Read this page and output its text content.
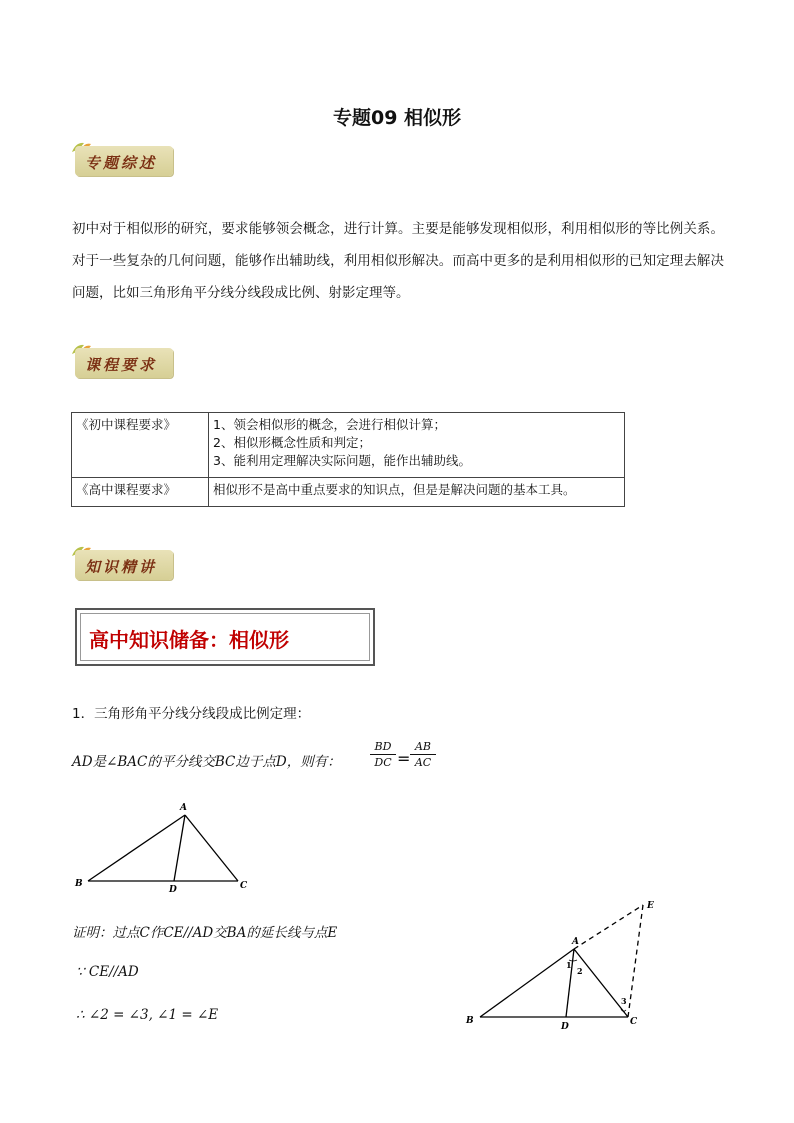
专题09 相似形
专题综述
初中对于相似形的研究，要求能够领会概念，进行计算。主要是能够发现相似形，利用相似形的等比例关系。对于一些复杂的几何问题，能够作出辅助线，利用相似形解决。而高中更多的是利用相似形的已知定理去解决问题，比如三角形角平分线分线段成比例、射影定理等。
课程要求
《初中课程要求》	1、领会相似形的概念，会进行相似计算；
2、相似形概念性质和判定；
3、能利用定理解决实际问题，能作出辅助线。

《高中课程要求》	相似形不是高中重点要求的知识点，但是是解决问题的基本工具。
知识精讲
高中知识储备：相似形
1．三角形角平分线分线段成比例定理：
AD是∠BAC的平分线交BC边于点D，则有：
BD
DC =
AB
AC
A
B	C
D
证明：过点C作CE//AD交BA的延长线与点E
∵ CE//AD
∴ ∠2 = ∠3, ∠1 = ∠E
A
B	C
D
E
1
2
3
